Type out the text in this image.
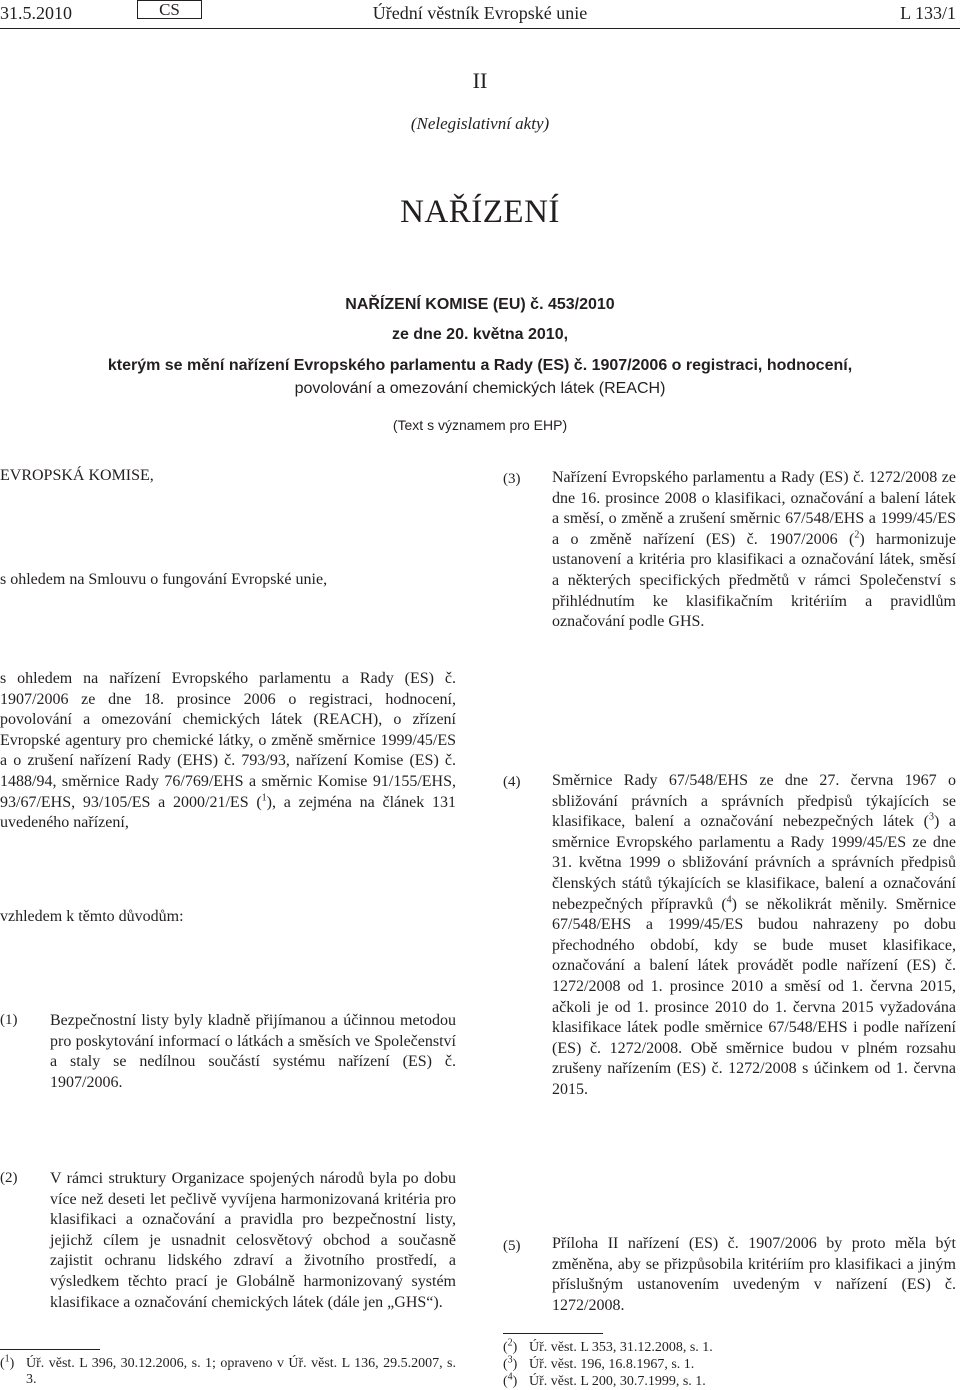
31.5.2010	CS	Úřední věstník Evropské unie	L 133/1
II
(Nelegislativní akty)
NAŘÍZENÍ
NAŘÍZENÍ KOMISE (EU) č. 453/2010
ze dne 20. května 2010,
kterým se mění nařízení Evropského parlamentu a Rady (ES) č. 1907/2006 o registraci, hodnocení,
povolování a omezování chemických látek (REACH)
(Text s významem pro EHP)
EVROPSKÁ KOMISE,
s ohledem na Smlouvu o fungování Evropské unie,
s ohledem na nařízení Evropského parlamentu a Rady (ES) č. 1907/2006 ze dne 18. prosince 2006 o registraci, hodnocení, povolování a omezování chemických látek (REACH), o zřízení Evropské agentury pro chemické látky, o změně směrnice 1999/45/ES a o zrušení nařízení Rady (EHS) č. 793/93, nařízení Komise (ES) č. 1488/94, směrnice Rady 76/769/EHS a směrnic Komise 91/155/EHS, 93/67/EHS, 93/105/ES a 2000/21/ES ($^1$), a zejména na článek 131 uvedeného nařízení,
vzhledem k těmto důvodům:
(1) Bezpečnostní listy byly kladně přijímanou a účinnou metodou pro poskytování informací o látkách a směsích ve Společenství a staly se nedílnou součástí systému nařízení (ES) č. 1907/2006.
(2) V rámci struktury Organizace spojených národů byla po dobu více než deseti let pečlivě vyvíjena harmonizovaná kritéria pro klasifikaci a označování a pravidla pro bezpečnostní listy, jejichž cílem je usnadnit celosvětový obchod a současně zajistit ochranu lidského zdraví a životního prostředí, a výsledkem těchto prací je Globálně harmonizovaný systém klasifikace a označování chemických látek (dále jen „GHS“).
(3) Nařízení Evropského parlamentu a Rady (ES) č. 1272/2008 ze dne 16. prosince 2008 o klasifikaci, označování a balení látek a směsí, o změně a zrušení směrnic 67/548/EHS a 1999/45/ES a o změně nařízení (ES) č. 1907/2006 ($^2$) harmonizuje ustanovení a kritéria pro klasifikaci a označování látek, směsí a některých specifických předmětů v rámci Společenství s přihlédnutím ke klasifikačním kritériím a pravidlům označování podle GHS.
(4) Směrnice Rady 67/548/EHS ze dne 27. června 1967 o sbližování právních a správních předpisů týkajících se klasifikace, balení a označování nebezpečných látek ($^3$) a směrnice Evropského parlamentu a Rady 1999/45/ES ze dne 31. května 1999 o sbližování právních a správních předpisů členských států týkajících se klasifikace, balení a označování nebezpečných přípravků ($^4$) se několikrát měnily. Směrnice 67/548/EHS a 1999/45/ES budou nahrazeny po dobu přechodného období, kdy se bude muset klasifikace, označování a balení látek provádět podle nařízení (ES) č. 1272/2008 od 1. prosince 2010 a směsí od 1. června 2015, ačkoli je od 1. prosince 2010 do 1. června 2015 vyžadována klasifikace látek podle směrnice 67/548/EHS i podle nařízení (ES) č. 1272/2008. Obě směrnice budou v plném rozsahu zrušeny nařízením (ES) č. 1272/2008 s účinkem od 1. června 2015.
(5) Příloha II nařízení (ES) č. 1907/2006 by proto měla být změněna, aby se přizpůsobila kritériím pro klasifikaci a jiným příslušným ustanovením uvedeným v nařízení (ES) č. 1272/2008.
($^1$) Úř. věst. L 396, 30.12.2006, s. 1; opraveno v Úř. věst. L 136, 29.5.2007, s. 3.
($^2$) Úř. věst. L 353, 31.12.2008, s. 1.
($^3$) Úř. věst. 196, 16.8.1967, s. 1.
($^4$) Úř. věst. L 200, 30.7.1999, s. 1.
